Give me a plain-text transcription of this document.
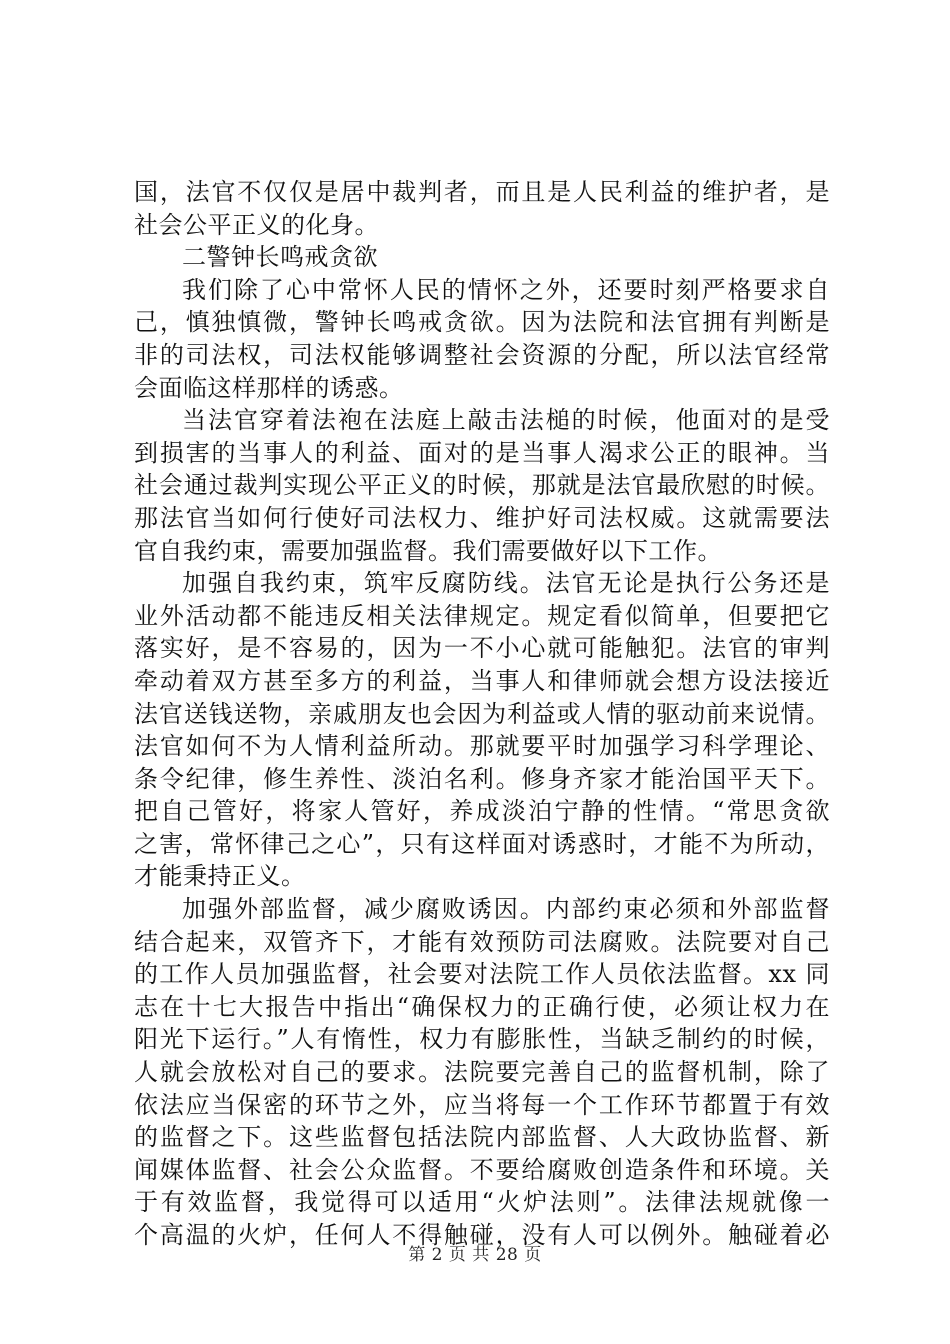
国，法官不仅仅是居中裁判者，而且是人民利益的维护者，是
社会公平正义的化身。
二警钟长鸣戒贪欲
我们除了心中常怀人民的情怀之外，还要时刻严格要求自
己，慎独慎微，警钟长鸣戒贪欲。因为法院和法官拥有判断是
非的司法权，司法权能够调整社会资源的分配，所以法官经常
会面临这样那样的诱惑。
当法官穿着法袍在法庭上敲击法槌的时候，他面对的是受
到损害的当事人的利益、面对的是当事人渴求公正的眼神。当
社会通过裁判实现公平正义的时候，那就是法官最欣慰的时候。
那法官当如何行使好司法权力、维护好司法权威。这就需要法
官自我约束，需要加强监督。我们需要做好以下工作。
加强自我约束，筑牢反腐防线。法官无论是执行公务还是
业外活动都不能违反相关法律规定。规定看似简单，但要把它
落实好，是不容易的，因为一不小心就可能触犯。法官的审判
牵动着双方甚至多方的利益，当事人和律师就会想方设法接近
法官送钱送物，亲戚朋友也会因为利益或人情的驱动前来说情。
法官如何不为人情利益所动。那就要平时加强学习科学理论、
条令纪律，修生养性、淡泊名利。修身齐家才能治国平天下。
把自己管好，将家人管好，养成淡泊宁静的性情。“常思贪欲
之害，常怀律己之心”，只有这样面对诱惑时，才能不为所动，
才能秉持正义。
加强外部监督，减少腐败诱因。内部约束必须和外部监督
结合起来，双管齐下，才能有效预防司法腐败。法院要对自己
的工作人员加强监督，社会要对法院工作人员依法监督。xx 同
志在十七大报告中指出“确保权力的正确行使，必须让权力在
阳光下运行。”人有惰性，权力有膨胀性，当缺乏制约的时候，
人就会放松对自己的要求。法院要完善自己的监督机制，除了
依法应当保密的环节之外，应当将每一个工作环节都置于有效
的监督之下。这些监督包括法院内部监督、人大政协监督、新
闻媒体监督、社会公众监督。不要给腐败创造条件和环境。关
于有效监督，我觉得可以适用“火炉法则”。法律法规就像一
个高温的火炉，任何人不得触碰，没有人可以例外。触碰着必
第 2 页 共 28 页
